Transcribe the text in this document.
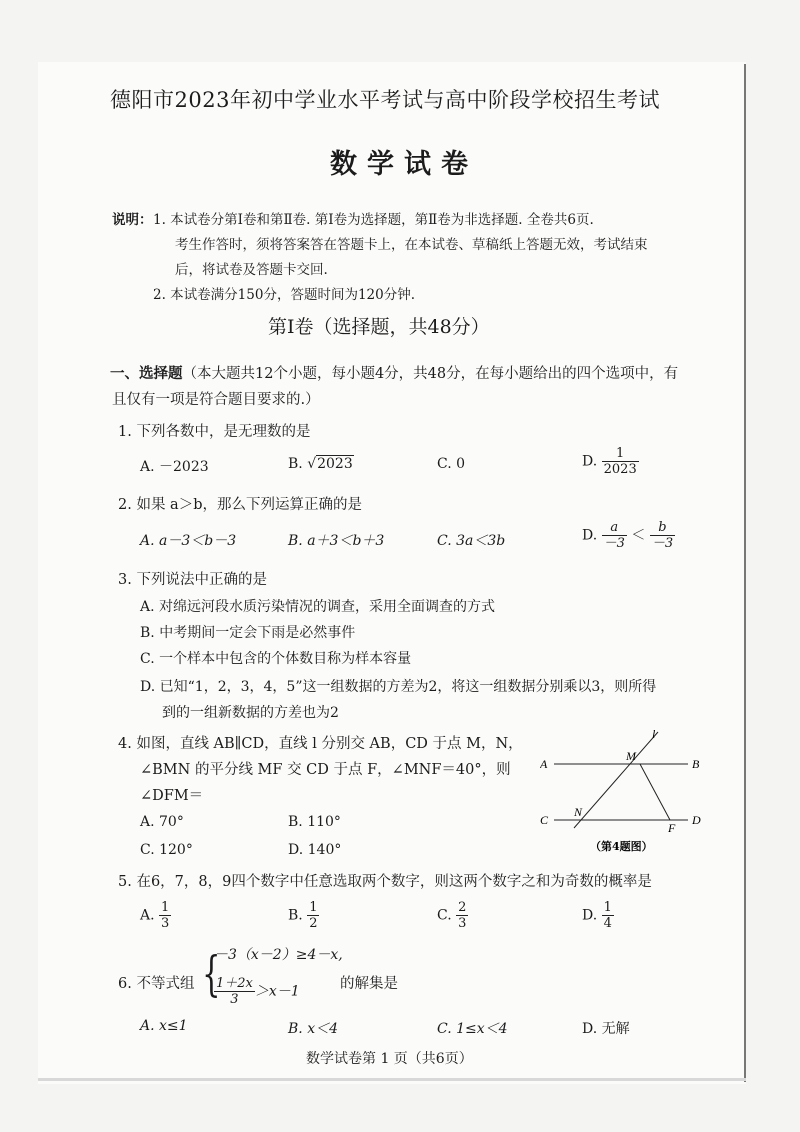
德阳市2023年初中学业水平考试与高中阶段学校招生考试
数学试卷
说明： 1. 本试卷分第Ⅰ卷和第Ⅱ卷. 第Ⅰ卷为选择题，第Ⅱ卷为非选择题. 全卷共6页.
考生作答时，须将答案答在答题卡上，在本试卷、草稿纸上答题无效，考试结束
后，将试卷及答题卡交回.
2. 本试卷满分150分，答题时间为120分钟.
第Ⅰ卷（选择题，共48分）
一、选择题（本大题共12个小题，每小题4分，共48分，在每小题给出的四个选项中，有
且仅有一项是符合题目要求的.）
1. 下列各数中，是无理数的是
A. －2023	B. √2023	C. 0	D. $\frac{1}{2023}$
2. 如果 a＞b，那么下列运算正确的是
A. a－3＜b－3	B. a＋3＜b＋3	C. 3a＜3b	D. $\frac{a}{-3} < \frac{b}{-3}$
3. 下列说法中正确的是
A. 对绵远河段水质污染情况的调查，采用全面调查的方式
B. 中考期间一定会下雨是必然事件
C. 一个样本中包含的个体数目称为样本容量
D. 已知“1，2，3，4，5”这一组数据的方差为2，将这一组数据分别乘以3，则所得
到的一组新数据的方差也为2
4. 如图，直线 AB∥CD，直线 l 分别交 AB，CD 于点 M，N，
∠BMN 的平分线 MF 交 CD 于点 F，∠MNF＝40°，则
∠DFM＝
A. 70°	B. 110°
C. 120°	D. 140°
l
A	B
M
C
N
F
D
（第4题图）
5. 在6，7，8，9四个数字中任意选取两个数字，则这两个数字之和为奇数的概率是
A. $\frac{1}{3}$	B. $\frac{1}{2}$	C. $\frac{2}{3}$	D. $\frac{1}{4}$
6. 不等式组 {
－3（x－2）≥4－x,
$\frac{1+2x}{3} >x-1$	的解集是
A. x≤1	B. x＜4	C. 1≤x＜4	D. 无解
数学试卷第 1 页（共6页）
